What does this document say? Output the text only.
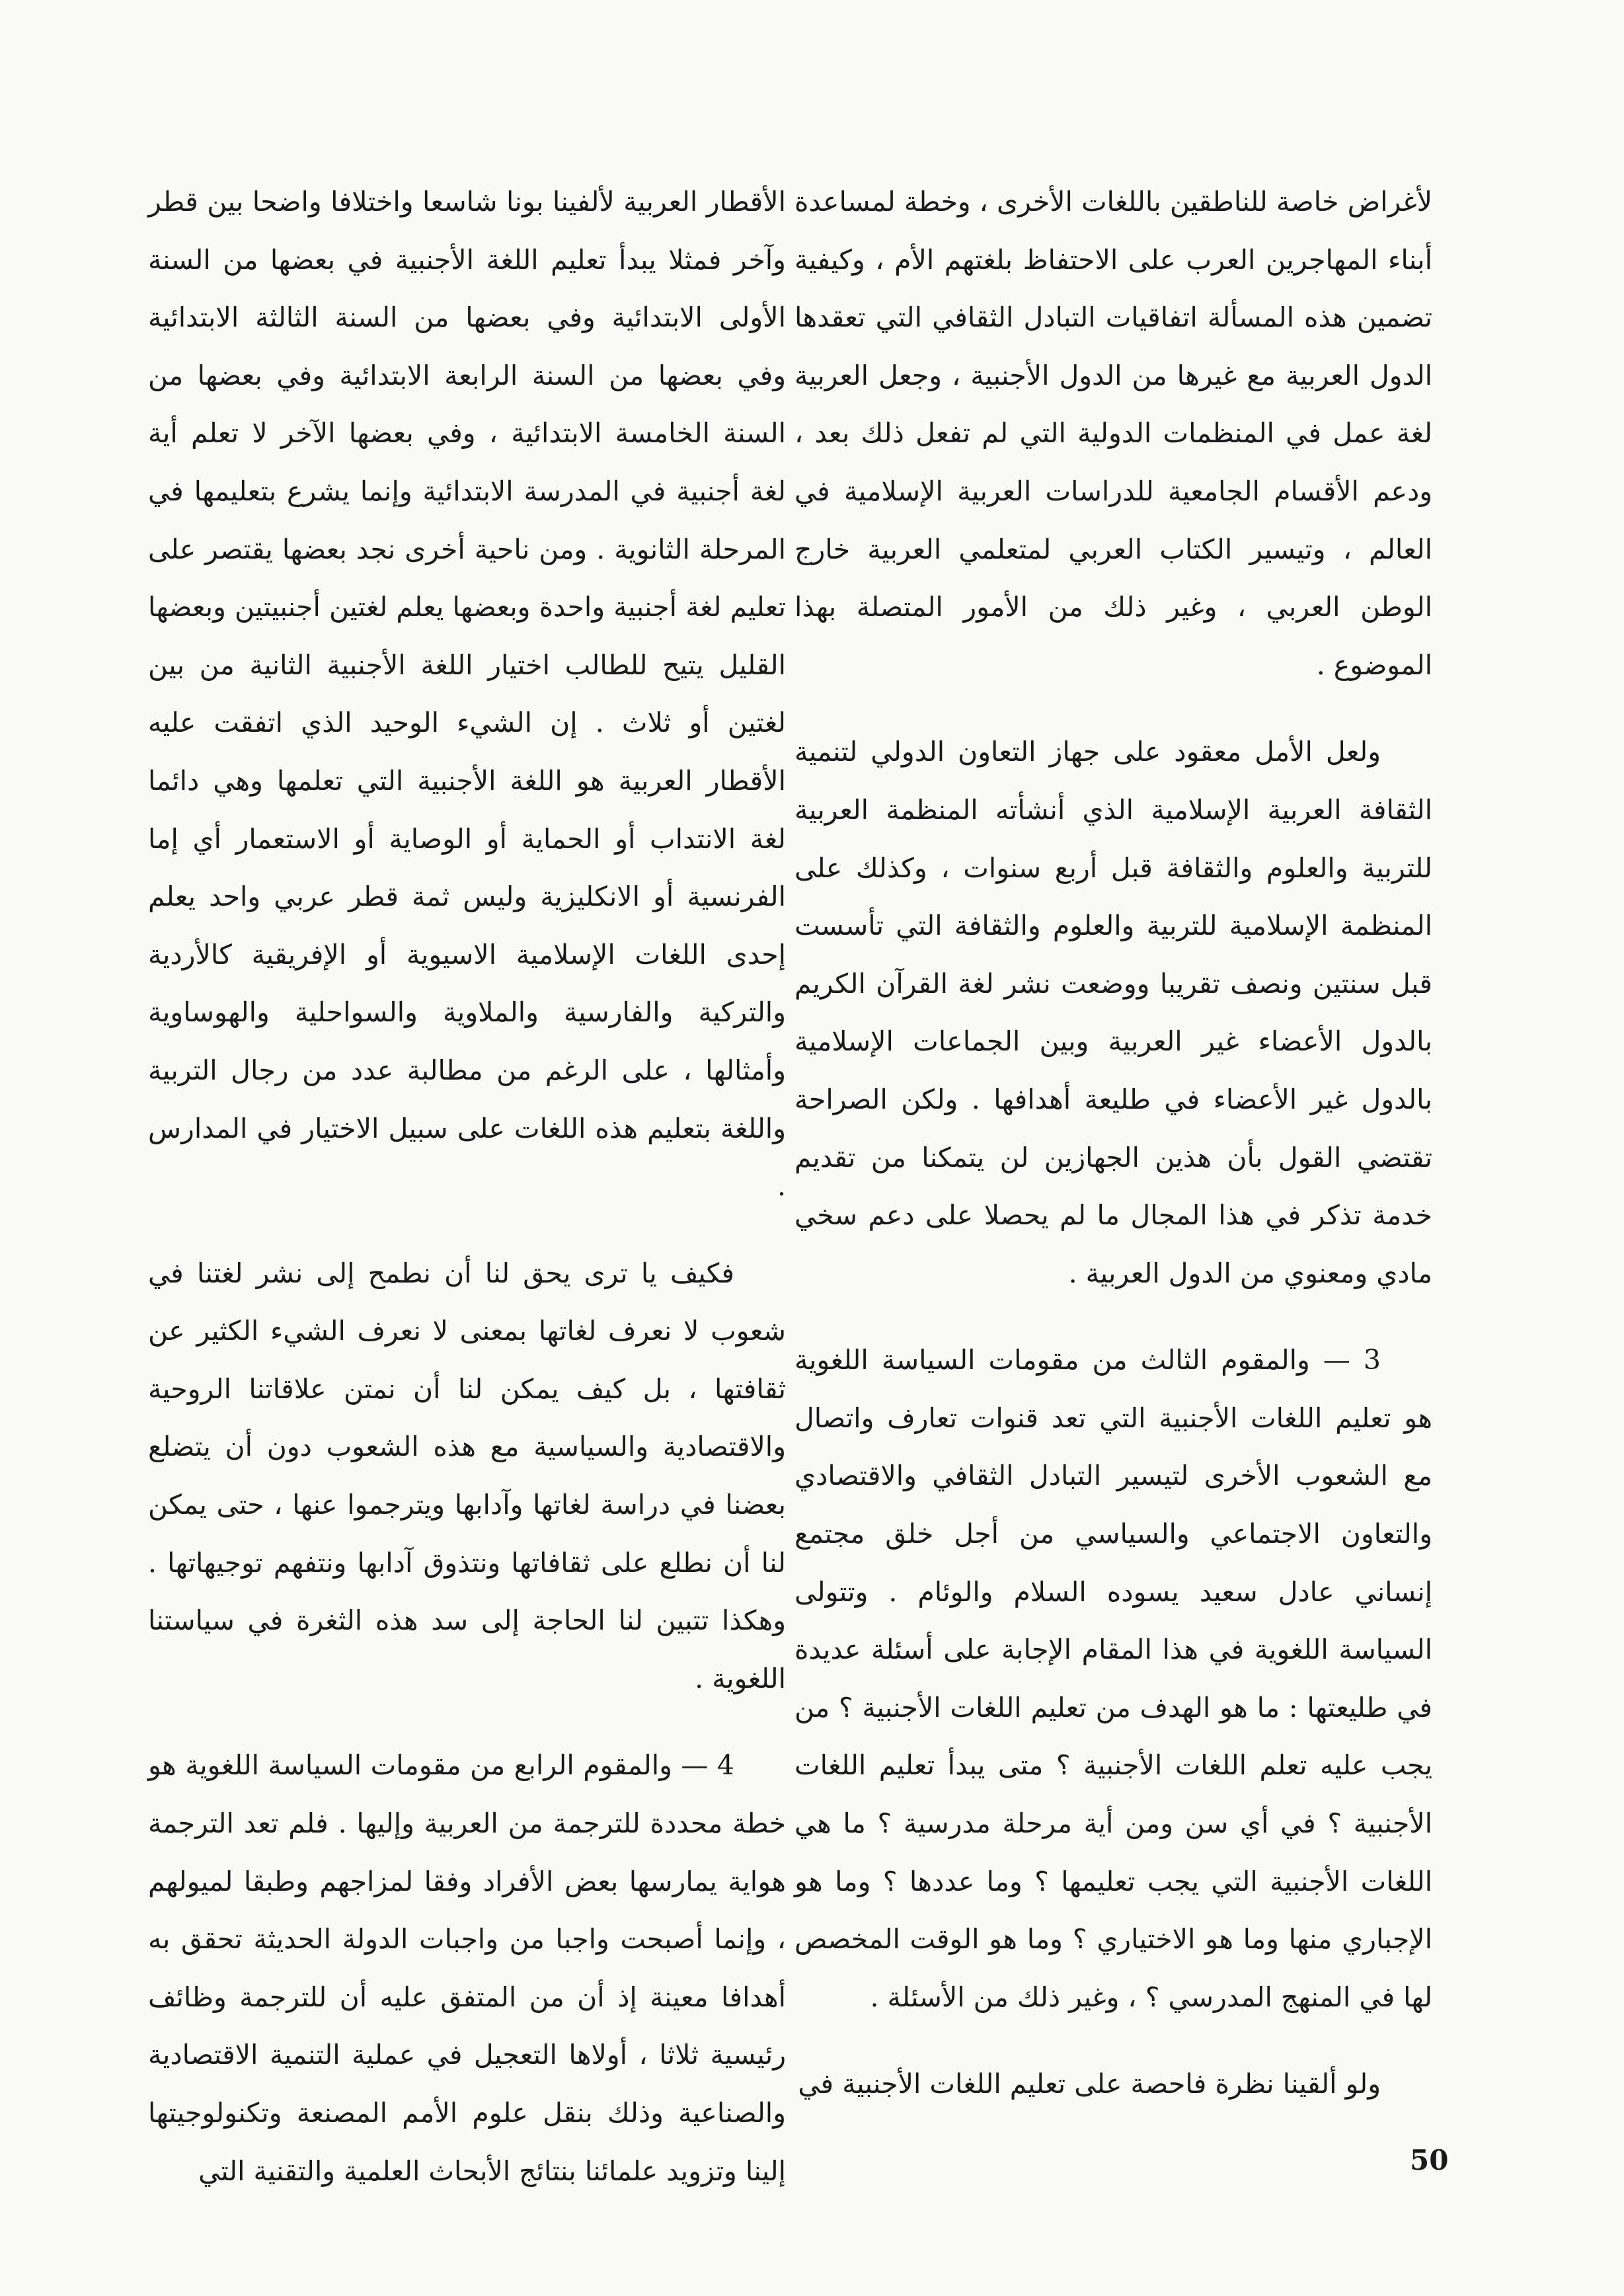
لأغراض خاصة للناطقين باللغات الأخرى ، وخطة لمساعدة أبناء المهاجرين العرب على الاحتفاظ بلغتهم الأم ، وكيفية تضمين هذه المسألة اتفاقيات التبادل الثقافي التي تعقدها الدول العربية مع غيرها من الدول الأجنبية ، وجعل العربية لغة عمل في المنظمات الدولية التي لم تفعل ذلك بعد ، ودعم الأقسام الجامعية للدراسات العربية الإسلامية في العالم ، وتيسير الكتاب العربي لمتعلمي العربية خارج الوطن العربي ، وغير ذلك من الأمور المتصلة بهذا الموضوع .

ولعل الأمل معقود على جهاز التعاون الدولي لتنمية الثقافة العربية الإسلامية الذي أنشأته المنظمة العربية للتربية والعلوم والثقافة قبل أربع سنوات ، وكذلك على المنظمة الإسلامية للتربية والعلوم والثقافة التي تأسست قبل سنتين ونصف تقريبا ووضعت نشر لغة القرآن الكريم بالدول الأعضاء غير العربية وبين الجماعات الإسلامية بالدول غير الأعضاء في طليعة أهدافها . ولكن الصراحة تقتضي القول بأن هذين الجهازين لن يتمكنا من تقديم خدمة تذكر في هذا المجال ما لم يحصلا على دعم سخي مادي ومعنوي من الدول العربية .

3 — والمقوم الثالث من مقومات السياسة اللغوية هو تعليم اللغات الأجنبية التي تعد قنوات تعارف واتصال مع الشعوب الأخرى لتيسير التبادل الثقافي والاقتصادي والتعاون الاجتماعي والسياسي من أجل خلق مجتمع إنساني عادل سعيد يسوده السلام والوئام . وتتولى السياسة اللغوية في هذا المقام الإجابة على أسئلة عديدة في طليعتها : ما هو الهدف من تعليم اللغات الأجنبية ؟ من يجب عليه تعلم اللغات الأجنبية ؟ متى يبدأ تعليم اللغات الأجنبية ؟ في أي سن ومن أية مرحلة مدرسية ؟ ما هي اللغات الأجنبية التي يجب تعليمها ؟ وما عددها ؟ وما هو الإجباري منها وما هو الاختياري ؟ وما هو الوقت المخصص لها في المنهج المدرسي ؟ ، وغير ذلك من الأسئلة .

ولو ألقينا نظرة فاحصة على تعليم اللغات الأجنبية في

الأقطار العربية لألفينا بونا شاسعا واختلافا واضحا بين قطر وآخر فمثلا يبدأ تعليم اللغة الأجنبية في بعضها من السنة الأولى الابتدائية وفي بعضها من السنة الثالثة الابتدائية وفي بعضها من السنة الرابعة الابتدائية وفي بعضها من السنة الخامسة الابتدائية ، وفي بعضها الآخر لا تعلم أية لغة أجنبية في المدرسة الابتدائية وإنما يشرع بتعليمها في المرحلة الثانوية . ومن ناحية أخرى نجد بعضها يقتصر على تعليم لغة أجنبية واحدة وبعضها يعلم لغتين أجنبيتين وبعضها القليل يتيح للطالب اختيار اللغة الأجنبية الثانية من بين لغتين أو ثلاث . إن الشيء الوحيد الذي اتفقت عليه الأقطار العربية هو اللغة الأجنبية التي تعلمها وهي دائما لغة الانتداب أو الحماية أو الوصاية أو الاستعمار أي إما الفرنسية أو الانكليزية وليس ثمة قطر عربي واحد يعلم إحدى اللغات الإسلامية الاسيوية أو الإفريقية كالأردية والتركية والفارسية والملاوية والسواحلية والهوساوية وأمثالها ، على الرغم من مطالبة عدد من رجال التربية واللغة بتعليم هذه اللغات على سبيل الاختيار في المدارس .

فكيف يا ترى يحق لنا أن نطمح إلى نشر لغتنا في شعوب لا نعرف لغاتها بمعنى لا نعرف الشيء الكثير عن ثقافتها ، بل كيف يمكن لنا أن نمتن علاقاتنا الروحية والاقتصادية والسياسية مع هذه الشعوب دون أن يتضلع بعضنا في دراسة لغاتها وآدابها ويترجموا عنها ، حتى يمكن لنا أن نطلع على ثقافاتها ونتذوق آدابها ونتفهم توجيهاتها . وهكذا تتبين لنا الحاجة إلى سد هذه الثغرة في سياستنا اللغوية .

4 — والمقوم الرابع من مقومات السياسة اللغوية هو خطة محددة للترجمة من العربية وإليها . فلم تعد الترجمة هواية يمارسها بعض الأفراد وفقا لمزاجهم وطبقا لميولهم ، وإنما أصبحت واجبا من واجبات الدولة الحديثة تحقق به أهدافا معينة إذ أن من المتفق عليه أن للترجمة وظائف رئيسية ثلاثا ، أولاها التعجيل في عملية التنمية الاقتصادية والصناعية وذلك بنقل علوم الأمم المصنعة وتكنولوجيتها إلينا وتزويد علمائنا بنتائج الأبحاث العلمية والتقنية التي	50
